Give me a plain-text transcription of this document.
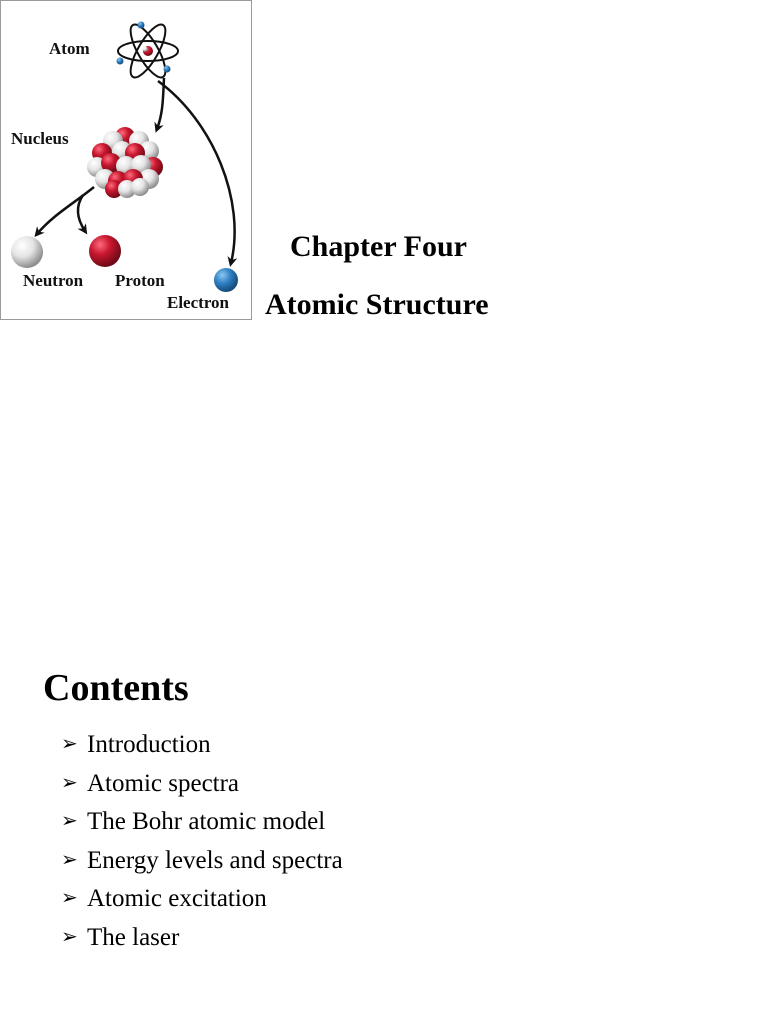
Atom
Nucleus
Neutron Proton
Electron
Chapter Four
Atomic Structure
Contents
➢ Introduction
➢ Atomic spectra
➢ The Bohr atomic model
➢ Energy levels and spectra
➢ Atomic excitation
➢ The laser
